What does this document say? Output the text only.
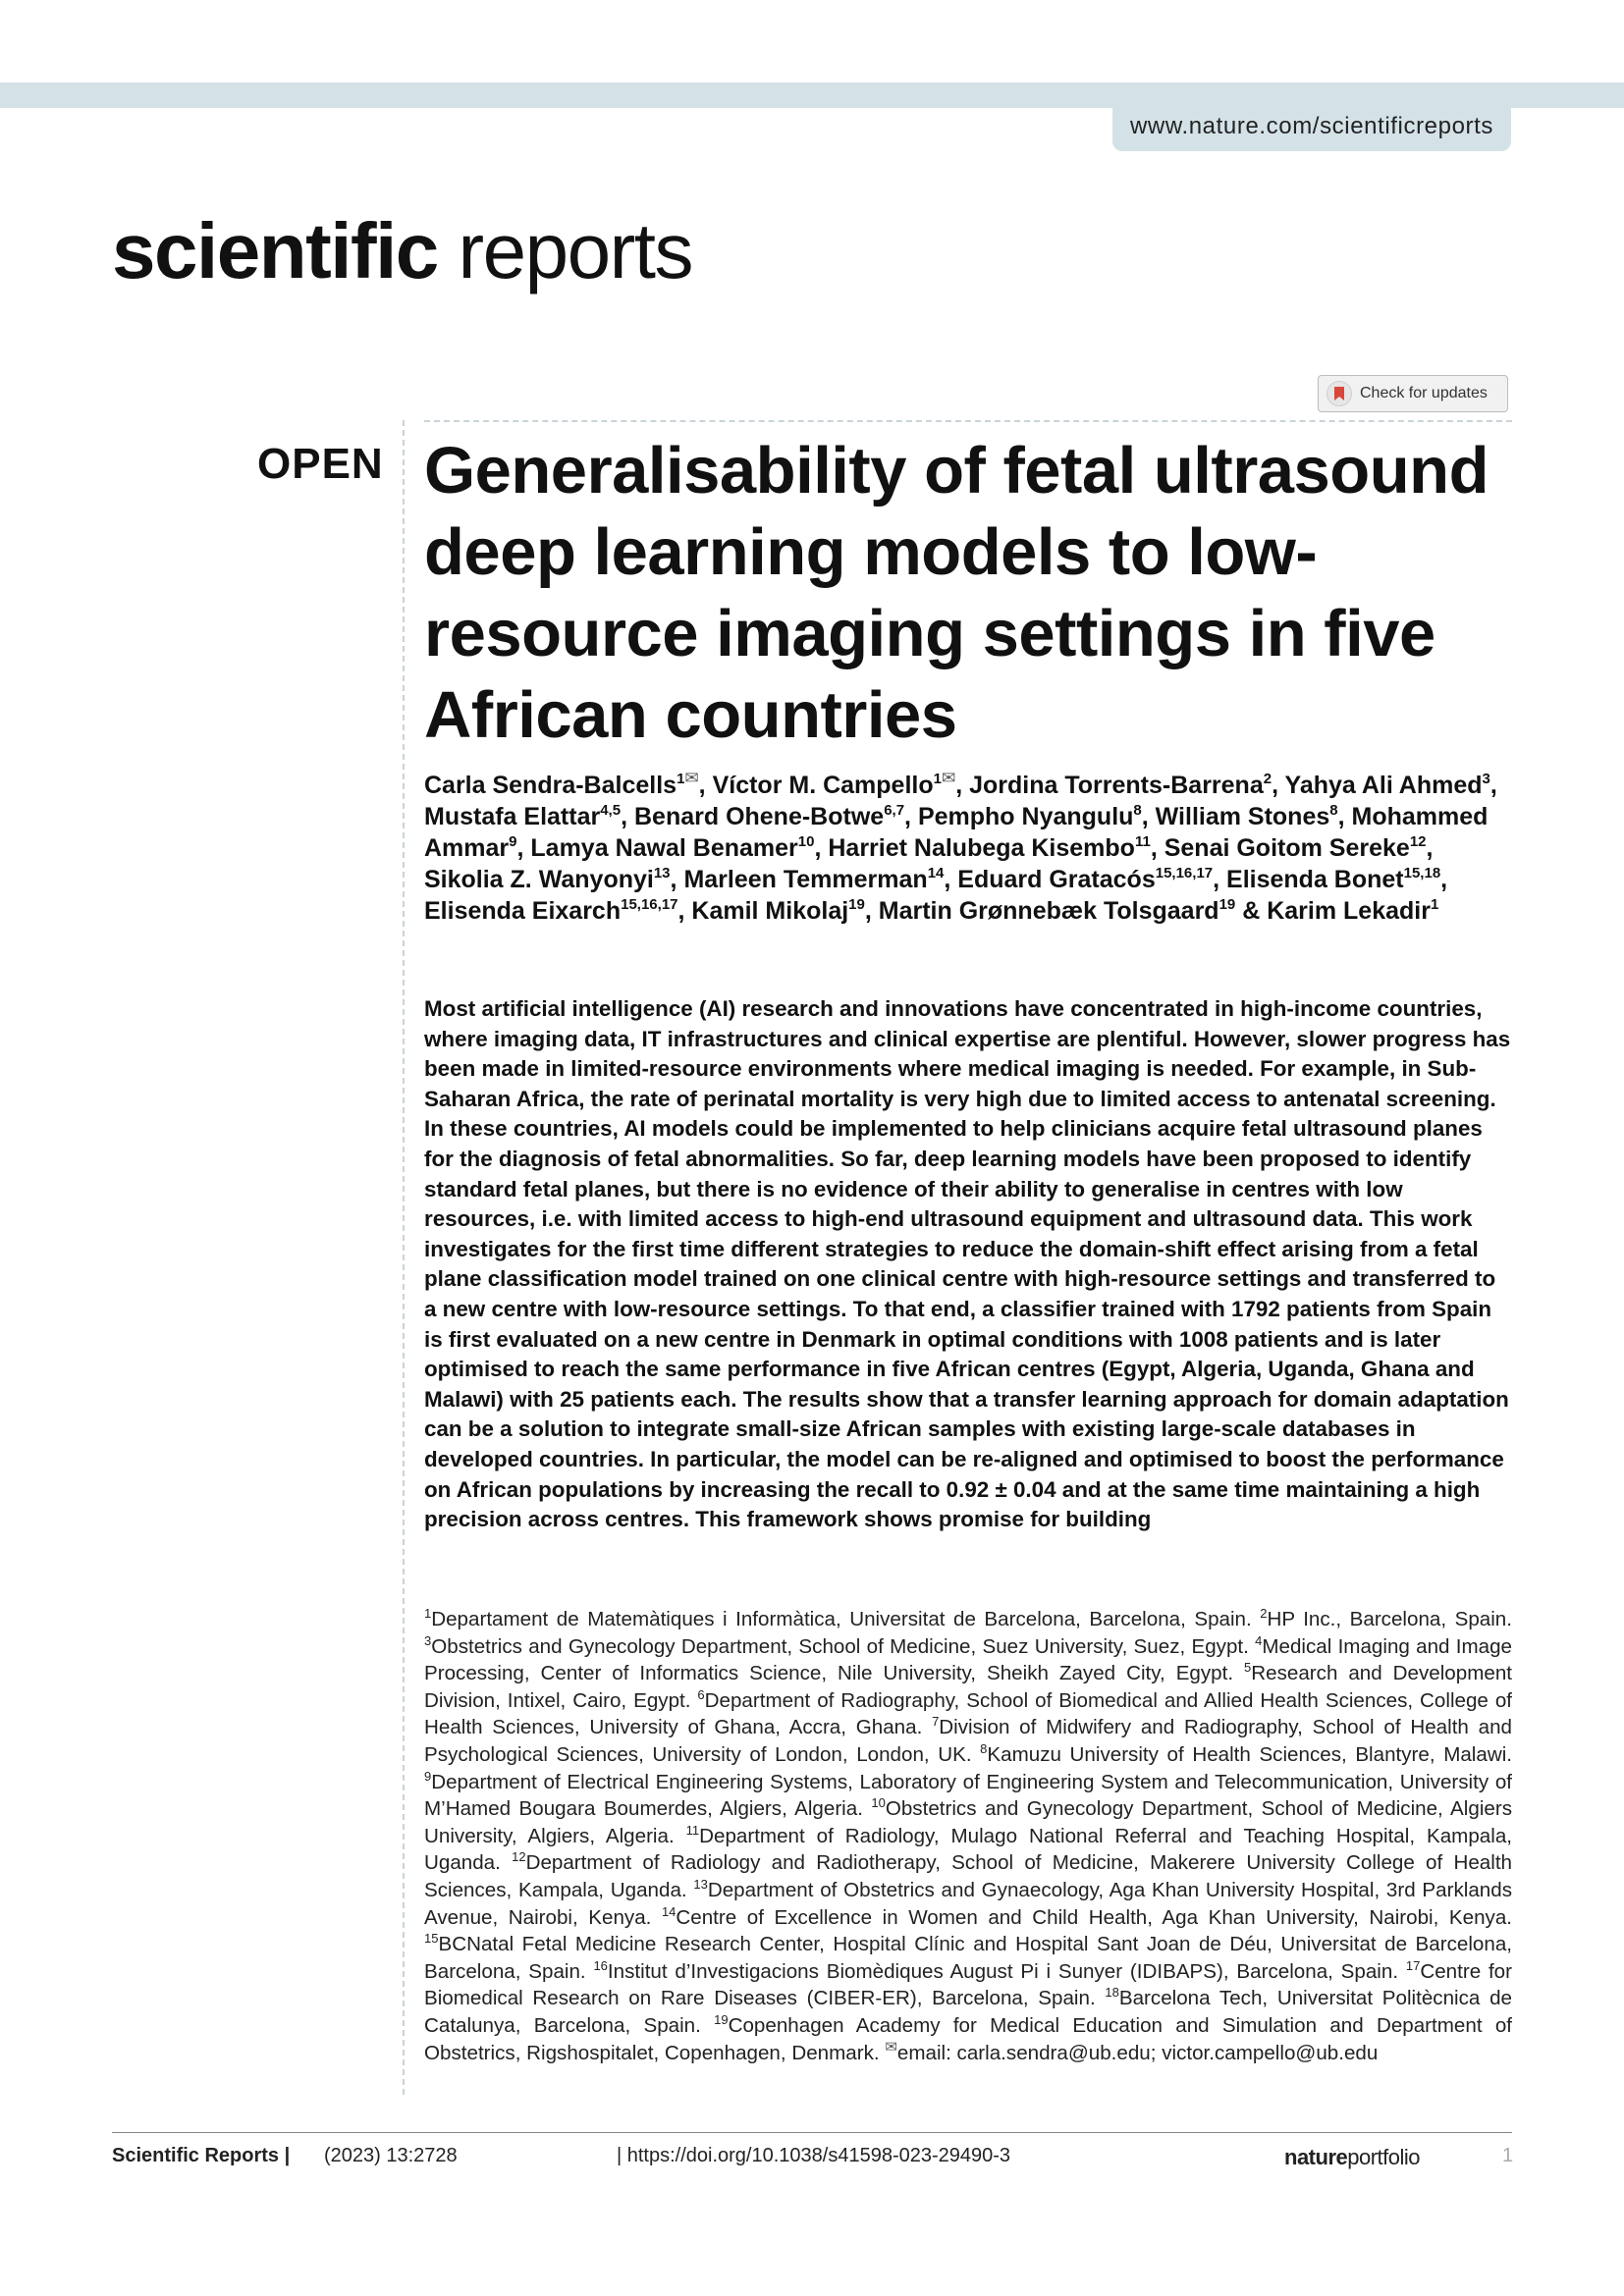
www.nature.com/scientificreports
scientific reports
Check for updates
OPEN Generalisability of fetal ultrasound deep learning models to low-resource imaging settings in five African countries
Carla Sendra-Balcells$^{1✉}$, Víctor M. Campello$^{1✉}$, Jordina Torrents-Barrena$^2$, Yahya Ali Ahmed$^3$, Mustafa Elattar$^{4,5}$, Benard Ohene-Botwe$^{6,7}$, Pempho Nyangulu$^8$, William Stones$^8$, Mohammed Ammar$^9$, Lamya Nawal Benamer$^{10}$, Harriet Nalubega Kisembo$^{11}$, Senai Goitom Sereke$^{12}$, Sikolia Z. Wanyonyi$^{13}$, Marleen Temmerman$^{14}$, Eduard Gratacós$^{15,16,17}$, Elisenda Bonet$^{15,18}$, Elisenda Eixarch$^{15,16,17}$, Kamil Mikolaj$^{19}$, Martin Grønnebæk Tolsgaard$^{19}$ & Karim Lekadir$^1$
Most artificial intelligence (AI) research and innovations have concentrated in high-income countries, where imaging data, IT infrastructures and clinical expertise are plentiful. However, slower progress has been made in limited-resource environments where medical imaging is needed. For example, in Sub-Saharan Africa, the rate of perinatal mortality is very high due to limited access to antenatal screening. In these countries, AI models could be implemented to help clinicians acquire fetal ultrasound planes for the diagnosis of fetal abnormalities. So far, deep learning models have been proposed to identify standard fetal planes, but there is no evidence of their ability to generalise in centres with low resources, i.e. with limited access to high-end ultrasound equipment and ultrasound data. This work investigates for the first time different strategies to reduce the domain-shift effect arising from a fetal plane classification model trained on one clinical centre with high-resource settings and transferred to a new centre with low-resource settings. To that end, a classifier trained with 1792 patients from Spain is first evaluated on a new centre in Denmark in optimal conditions with 1008 patients and is later optimised to reach the same performance in five African centres (Egypt, Algeria, Uganda, Ghana and Malawi) with 25 patients each. The results show that a transfer learning approach for domain adaptation can be a solution to integrate small-size African samples with existing large-scale databases in developed countries. In particular, the model can be re-aligned and optimised to boost the performance on African populations by increasing the recall to 0.92 ± 0.04 and at the same time maintaining a high precision across centres. This framework shows promise for building
$^1$Departament de Matemàtiques i Informàtica, Universitat de Barcelona, Barcelona, Spain. $^2$HP Inc., Barcelona, Spain. $^3$Obstetrics and Gynecology Department, School of Medicine, Suez University, Suez, Egypt. $^4$Medical Imaging and Image Processing, Center of Informatics Science, Nile University, Sheikh Zayed City, Egypt. $^5$Research and Development Division, Intixel, Cairo, Egypt. $^6$Department of Radiography, School of Biomedical and Allied Health Sciences, College of Health Sciences, University of Ghana, Accra, Ghana. $^7$Division of Midwifery and Radiography, School of Health and Psychological Sciences, University of London, London, UK. $^8$Kamuzu University of Health Sciences, Blantyre, Malawi. $^9$Department of Electrical Engineering Systems, Laboratory of Engineering System and Telecommunication, University of M’Hamed Bougara Boumerdes, Algiers, Algeria. $^{10}$Obstetrics and Gynecology Department, School of Medicine, Algiers University, Algiers, Algeria. $^{11}$Department of Radiology, Mulago National Referral and Teaching Hospital, Kampala, Uganda. $^{12}$Department of Radiology and Radiotherapy, School of Medicine, Makerere University College of Health Sciences, Kampala, Uganda. $^{13}$Department of Obstetrics and Gynaecology, Aga Khan University Hospital, 3rd Parklands Avenue, Nairobi, Kenya. $^{14}$Centre of Excellence in Women and Child Health, Aga Khan University, Nairobi, Kenya. $^{15}$BCNatal Fetal Medicine Research Center, Hospital Clínic and Hospital Sant Joan de Déu, Universitat de Barcelona, Barcelona, Spain. $^{16}$Institut d’Investigacions Biomèdiques August Pi i Sunyer (IDIBAPS), Barcelona, Spain. $^{17}$Centre for Biomedical Research on Rare Diseases (CIBER-ER), Barcelona, Spain. $^{18}$Barcelona Tech, Universitat Politècnica de Catalunya, Barcelona, Spain. $^{19}$Copenhagen Academy for Medical Education and Simulation and Department of Obstetrics, Rigshospitalet, Copenhagen, Denmark. ✉email: carla.sendra@ub.edu; victor.campello@ub.edu
Scientific Reports | (2023) 13:2728	| https://doi.org/10.1038/s41598-023-29490-3	natureportfolio	1
